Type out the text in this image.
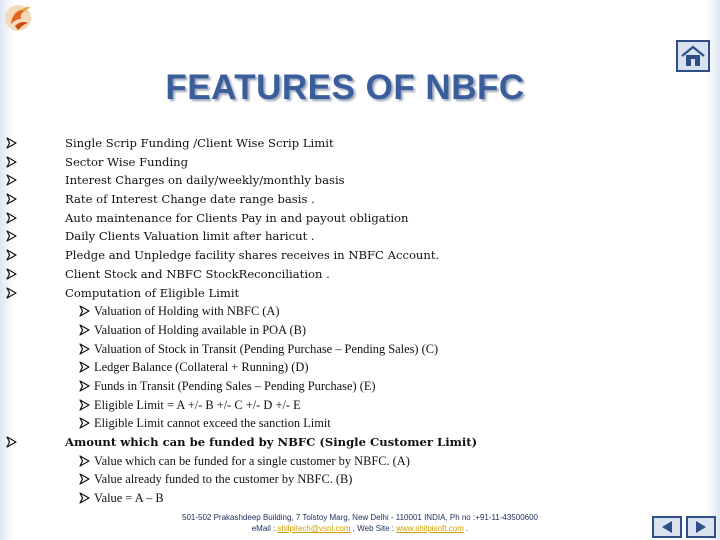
FEATURES OF NBFC
Single Scrip Funding /Client Wise Scrip Limit
Sector Wise Funding
Interest Charges on daily/weekly/monthly basis
Rate of Interest Change date range basis .
Auto maintenance for Clients Pay in and payout obligation
Daily Clients Valuation limit after haricut .
Pledge and Unpledge facility shares receives in NBFC Account.
Client Stock and NBFC StockReconciliation .
Computation of Eligible Limit
Valuation of Holding with NBFC (A)
Valuation of Holding available in POA (B)
Valuation of Stock in Transit (Pending Purchase – Pending Sales) (C)
Ledger Balance (Collateral + Running) (D)
Funds in Transit (Pending Sales – Pending Purchase) (E)
Eligible Limit = A +/- B +/- C +/- D +/- E
Eligible Limit cannot exceed the sanction Limit
Amount which can be funded by NBFC (Single Customer Limit)
Value which can be funded for a single customer by NBFC. (A)
Value already funded to the customer by NBFC. (B)
Value = A – B
501-502 Prakashdeep Building, 7 Tolstoy Marg, New Delhi - 110001 INDIA, Ph no :+91-11-43500600
eMail : shilpitech@vsnl.com , Web Site : www.shilpisoft.com .
